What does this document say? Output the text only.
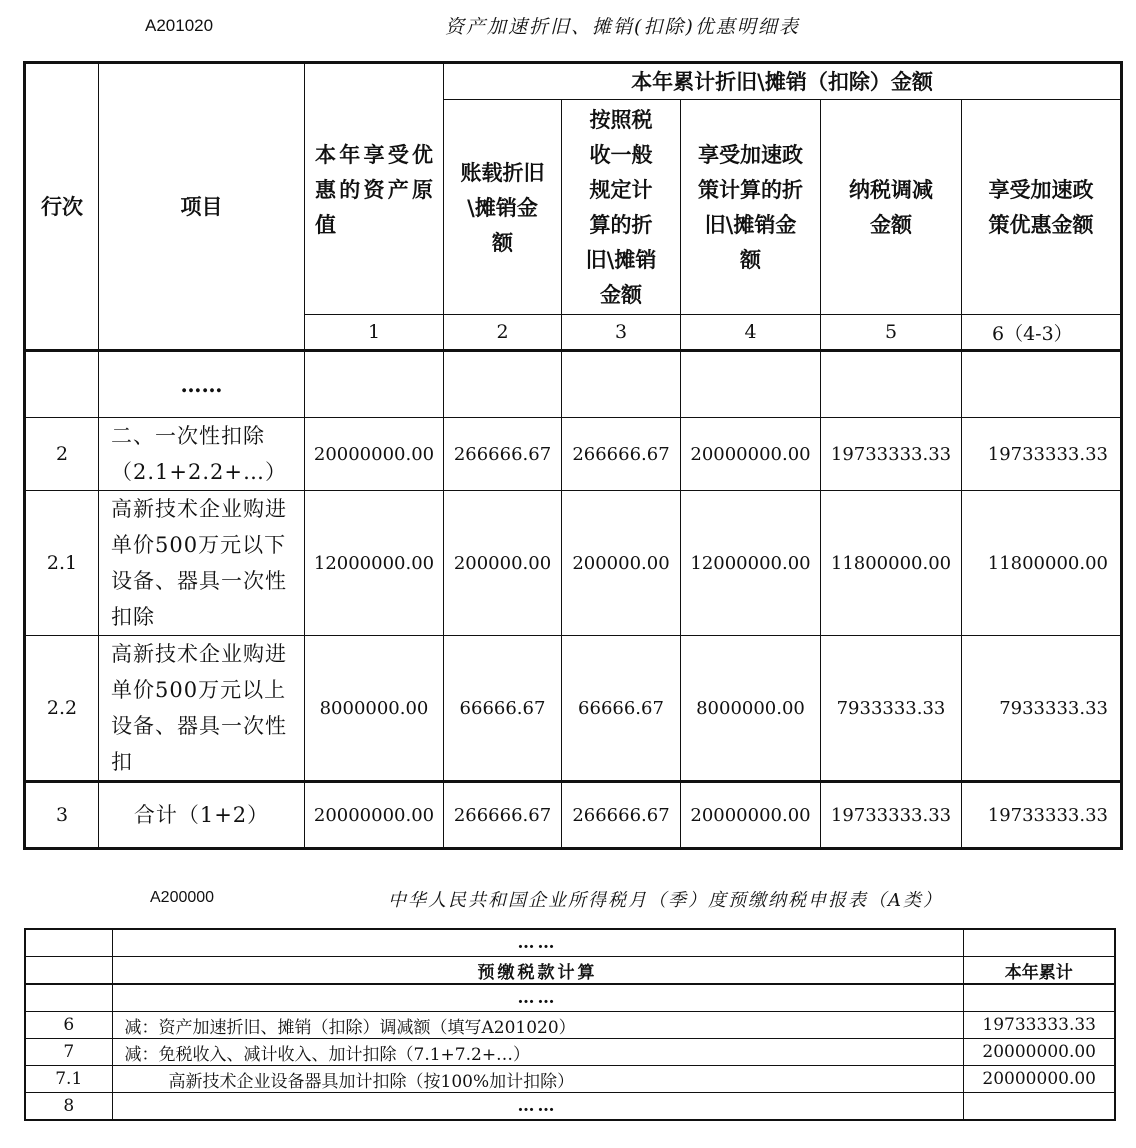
A201020	资产加速折旧、摊销(扣除)优惠明细表
行次	项目	本年享受优惠的资产原值	本年累计折旧\摊销（扣除）金额				
			账载折旧\摊销金额	按照税收一般规定计算的折旧\摊销金额	享受加速政策计算的折旧\摊销金额	纳税调减金额	享受加速政策优惠金额
		1	2	3	4	5	6（4-3）
	……						
2	二、一次性扣除（2.1+2.2+…）	20000000.00	266666.67	266666.67	20000000.00	19733333.33	19733333.33
2.1	高新技术企业购进单价500万元以下设备、器具一次性扣除	12000000.00	200000.00	200000.00	12000000.00	11800000.00	11800000.00
2.2	高新技术企业购进单价500万元以上设备、器具一次性扣	8000000.00	66666.67	66666.67	8000000.00	7933333.33	7933333.33
3	合计（1+2）	20000000.00	266666.67	266666.67	20000000.00	19733333.33	19733333.33
A200000	中华人民共和国企业所得税月（季）度预缴纳税申报表（A类）
	……	
	预缴税款计算	本年累计
	……	
6	减：资产加速折旧、摊销（扣除）调减额（填写A201020）	19733333.33
7	减：免税收入、减计收入、加计扣除（7.1+7.2+…）	20000000.00
7.1	高新技术企业设备器具加计扣除（按100%加计扣除）	20000000.00
8	……	
